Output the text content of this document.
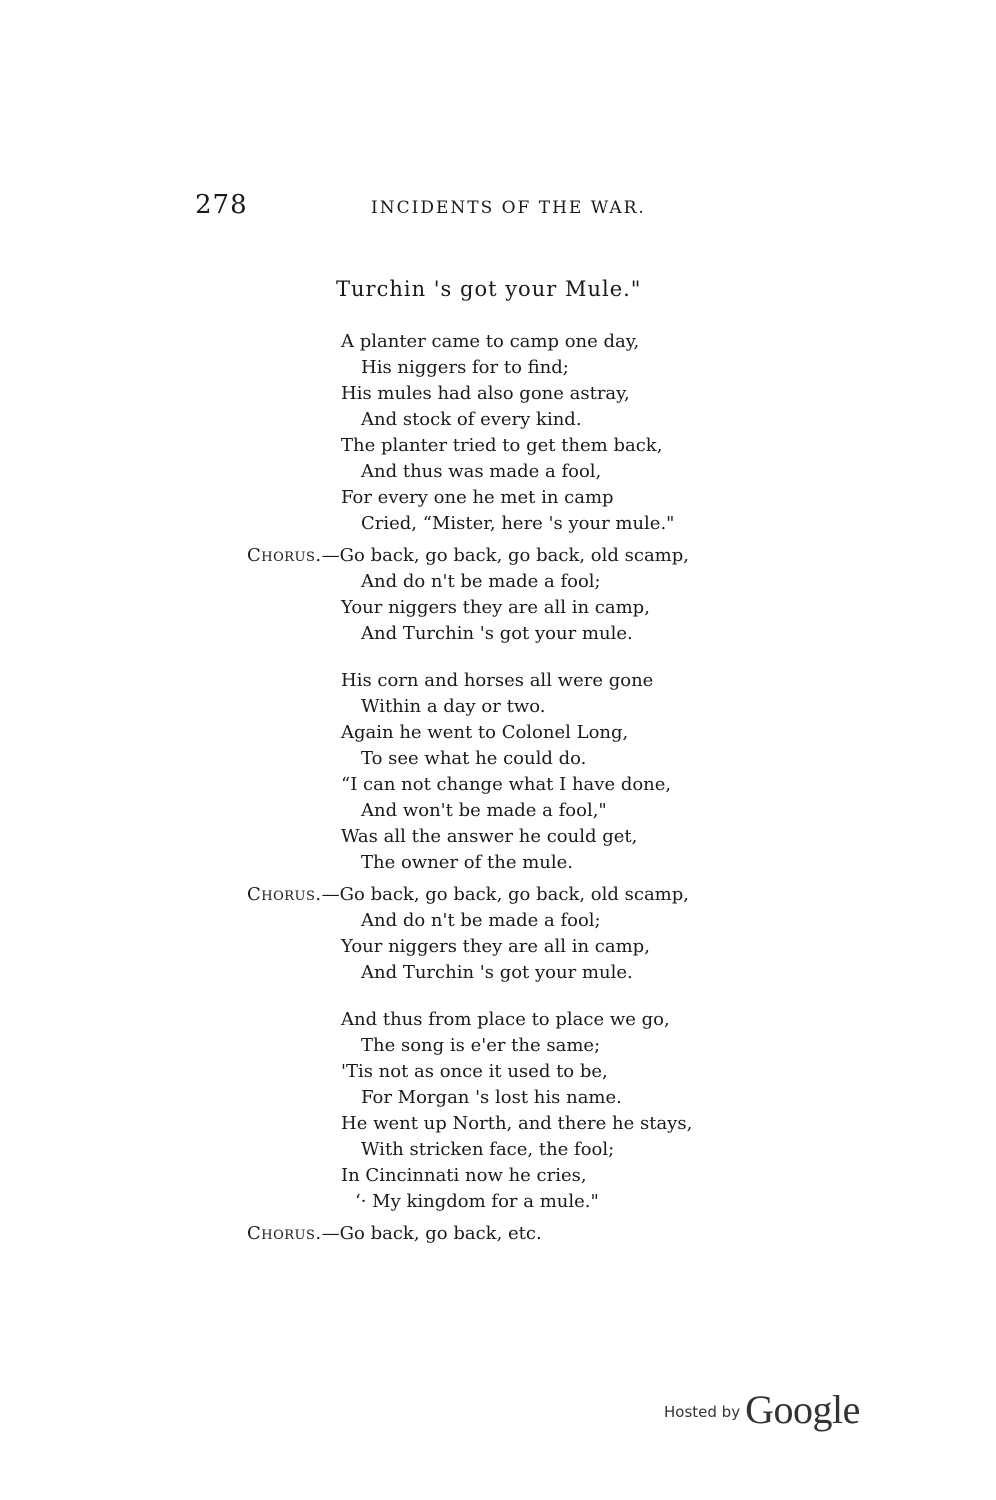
278	INCIDENTS OF THE WAR.
Turchin 's got your Mule."
A planter came to camp one day,
His niggers for to find;
His mules had also gone astray,
And stock of every kind.
The planter tried to get them back,
And thus was made a fool,
For every one he met in camp
Cried, “Mister, here 's your mule."
Chorus.—Go back, go back, go back, old scamp,
And do n't be made a fool;
Your niggers they are all in camp,
And Turchin 's got your mule.
His corn and horses all were gone
Within a day or two.
Again he went to Colonel Long,
To see what he could do.
“I can not change what I have done,
And won't be made a fool,"
Was all the answer he could get,
The owner of the mule.
Chorus.—Go back, go back, go back, old scamp,
And do n't be made a fool;
Your niggers they are all in camp,
And Turchin 's got your mule.
And thus from place to place we go,
The song is e'er the same;
'Tis not as once it used to be,
For Morgan 's lost his name.
He went up North, and there he stays,
With stricken face, the fool;
In Cincinnati now he cries,
‘· My kingdom for a mule."
Chorus.—Go back, go back, etc.
Hosted by Google
